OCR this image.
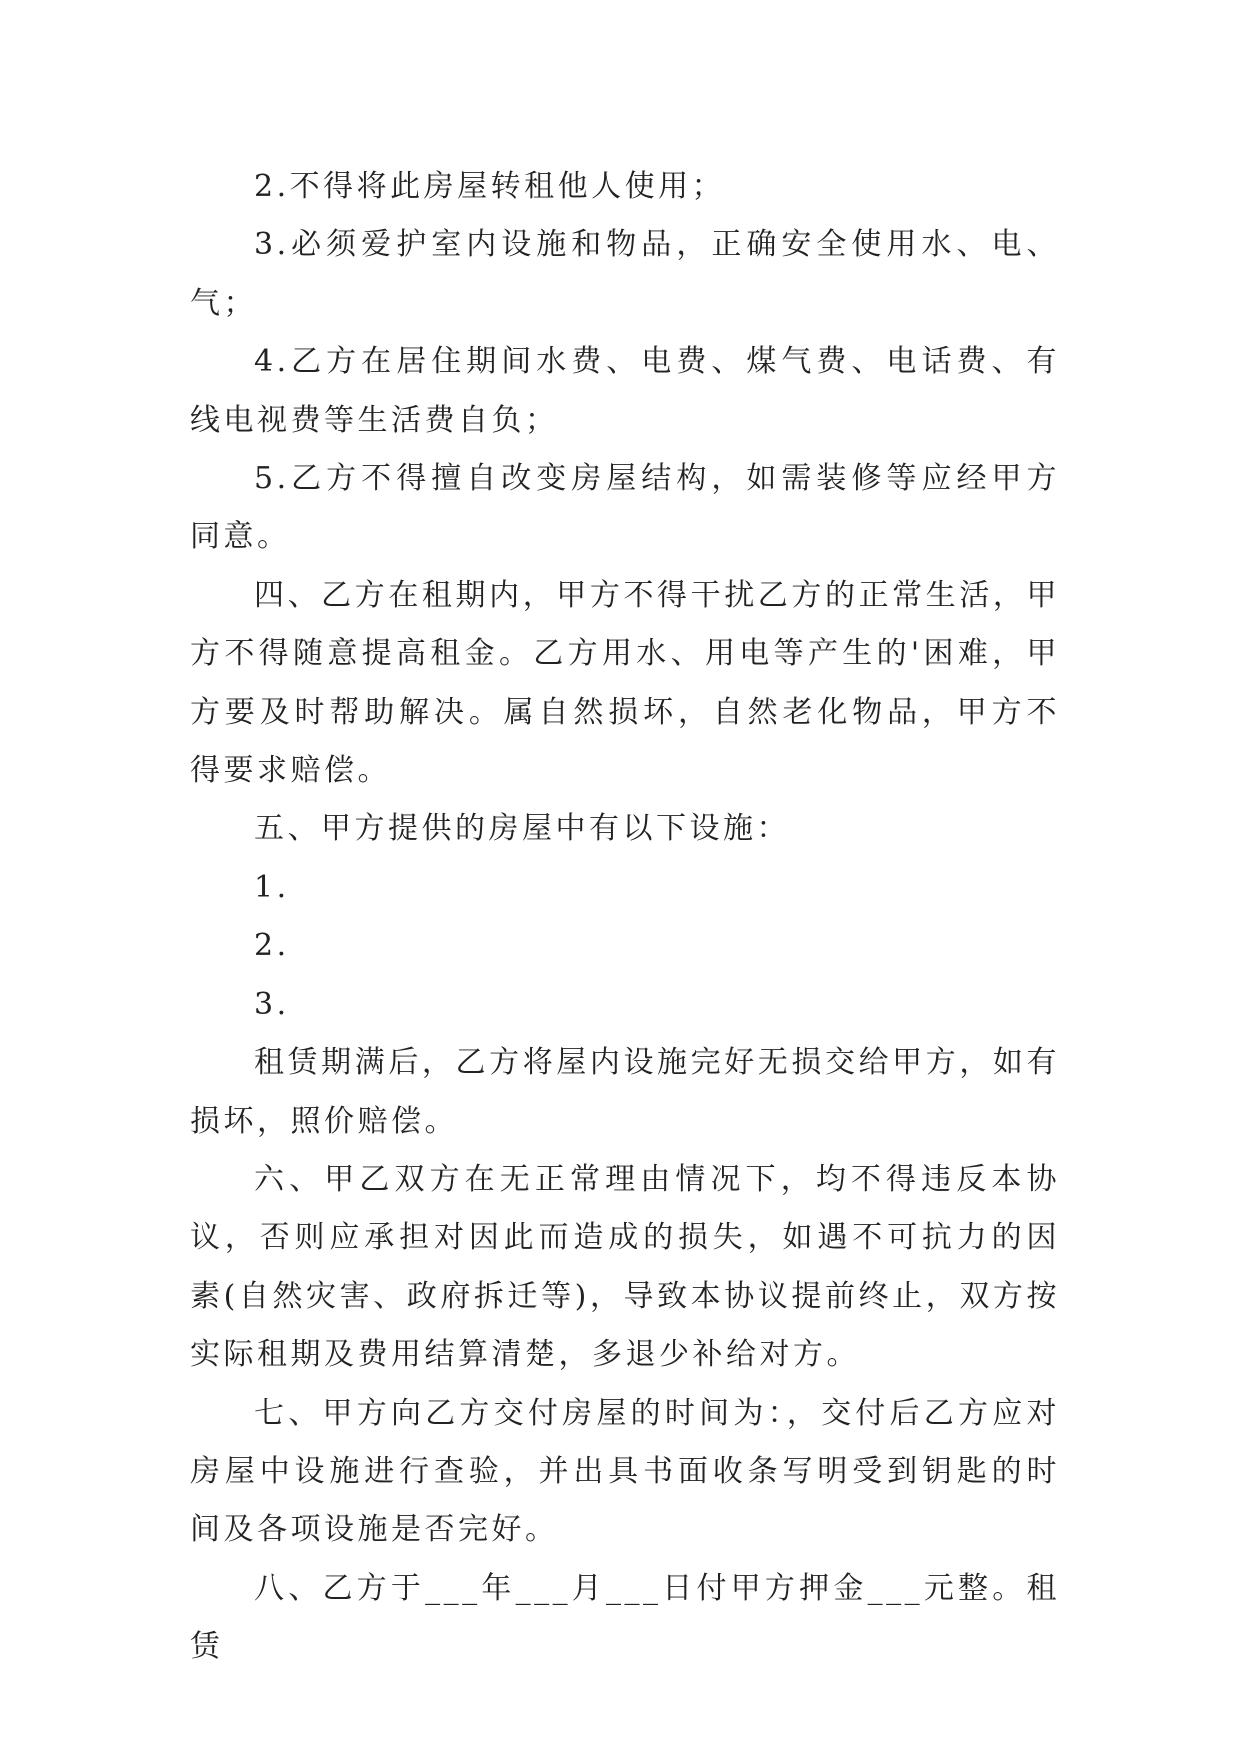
2.不得将此房屋转租他人使用；

3.必须爱护室内设施和物品，正确安全使用水、电、气；

4.乙方在居住期间水费、电费、煤气费、电话费、有线电视费等生活费自负；

5.乙方不得擅自改变房屋结构，如需装修等应经甲方同意。

四、乙方在租期内，甲方不得干扰乙方的正常生活，甲方不得随意提高租金。乙方用水、用电等产生的'困难，甲方要及时帮助解决。属自然损坏，自然老化物品，甲方不得要求赔偿。

五、甲方提供的房屋中有以下设施：

1.

2.

3.

租赁期满后，乙方将屋内设施完好无损交给甲方，如有损坏，照价赔偿。

六、甲乙双方在无正常理由情况下，均不得违反本协议，否则应承担对因此而造成的损失，如遇不可抗力的因素(自然灾害、政府拆迁等)，导致本协议提前终止，双方按实际租期及费用结算清楚，多退少补给对方。

七、甲方向乙方交付房屋的时间为：，交付后乙方应对房屋中设施进行查验，并出具书面收条写明受到钥匙的时间及各项设施是否完好。

八、乙方于___年___月___日付甲方押金___元整。租赁
